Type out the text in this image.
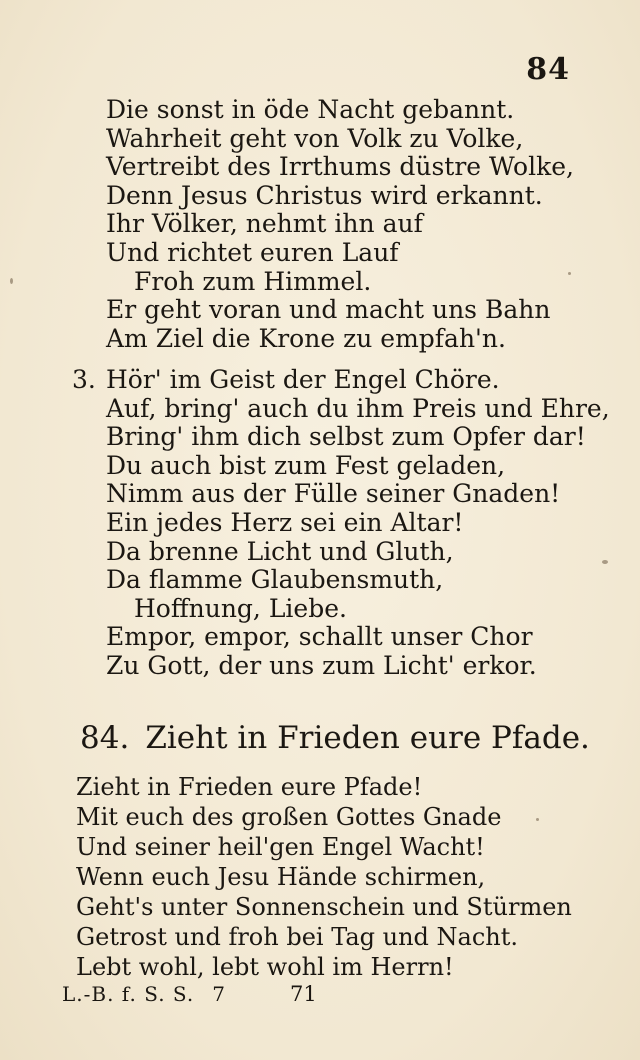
84
Die sonst in öde Nacht gebannt.
Wahrheit geht von Volk zu Volke,
Vertreibt des Irrthums düstre Wolke,
Denn Jesus Christus wird erkannt.
Ihr Völker, nehmt ihn auf
Und richtet euren Lauf
Froh zum Himmel.
Er geht voran und macht uns Bahn
Am Ziel die Krone zu empfah'n.
3. Hör' im Geist der Engel Chöre.
Auf, bring' auch du ihm Preis und Ehre,
Bring' ihm dich selbst zum Opfer dar!
Du auch bist zum Fest geladen,
Nimm aus der Fülle seiner Gnaden!
Ein jedes Herz sei ein Altar!
Da brenne Licht und Gluth,
Da flamme Glaubensmuth,
Hoffnung, Liebe.
Empor, empor, schallt unser Chor
Zu Gott, der uns zum Licht' erkor.
84. Zieht in Frieden eure Pfade.
Zieht in Frieden eure Pfade!
Mit euch des großen Gottes Gnade
Und seiner heil'gen Engel Wacht!
Wenn euch Jesu Hände schirmen,
Geht's unter Sonnenschein und Stürmen
Getrost und froh bei Tag und Nacht.
Lebt wohl, lebt wohl im Herrn!
L.-B. f. S. S. 7	71
